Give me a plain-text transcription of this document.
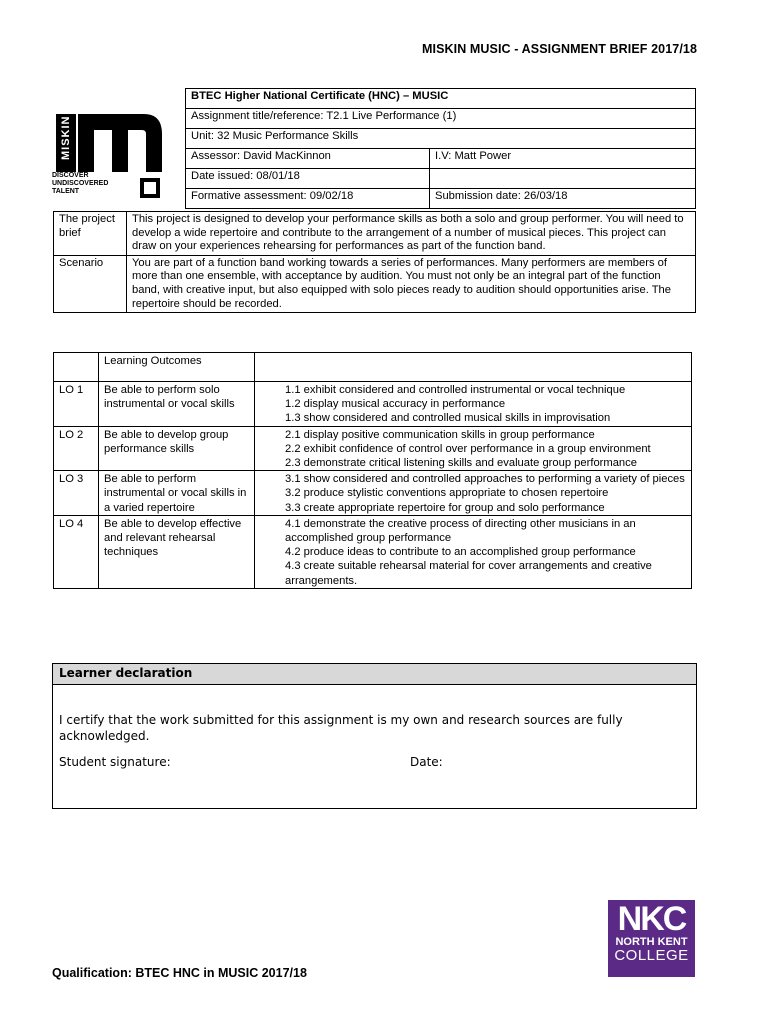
MISKIN MUSIC - ASSIGNMENT BRIEF 2017/18
MISKIN
DISCOVER
UNDISCOVERED
TALENT
BTEC Higher National Certificate (HNC) – MUSIC	
Assignment title/reference: T2.1 Live Performance (1)	
Unit: 32 Music Performance Skills	
Assessor: David MacKinnon	I.V: Matt Power
Date issued: 08/01/18	
Formative assessment: 09/02/18	Submission date: 26/03/18
The project brief	This project is designed to develop your performance skills as both a solo and group performer. You will need to develop a wide repertoire and contribute to the arrangement of a number of musical pieces. This project can draw on your experiences rehearsing for performances as part of the function band.
Scenario	You are part of a function band working towards a series of performances. Many performers are members of more than one ensemble, with acceptance by audition. You must not only be an integral part of the function band, with creative input, but also equipped with solo pieces ready to audition should opportunities arise. The repertoire should be recorded.
	Learning Outcomes	
LO 1	Be able to perform solo instrumental or vocal skills	1.1 exhibit considered and controlled instrumental or vocal technique
1.2 display musical accuracy in performance
1.3 show considered and controlled musical skills in improvisation

LO 2	Be able to develop group performance skills	2.1 display positive communication skills in group performance
2.2 exhibit confidence of control over performance in a group environment
2.3 demonstrate critical listening skills and evaluate group performance

LO 3	Be able to perform instrumental or vocal skills in a varied repertoire	3.1 show considered and controlled approaches to performing a variety of pieces
3.2 produce stylistic conventions appropriate to chosen repertoire
3.3 create appropriate repertoire for group and solo performance

LO 4	Be able to develop effective and relevant rehearsal techniques	4.1 demonstrate the creative process of directing other musicians in an accomplished group performance
4.2 produce ideas to contribute to an accomplished group performance
4.3 create suitable rehearsal material for cover arrangements and creative arrangements.
Learner declaration
I certify that the work submitted for this assignment is my own and research sources are fully acknowledged.
Student signature:	Date:
NKC
NORTH KENT
COLLEGE
Qualification: BTEC HNC in MUSIC 2017/18
